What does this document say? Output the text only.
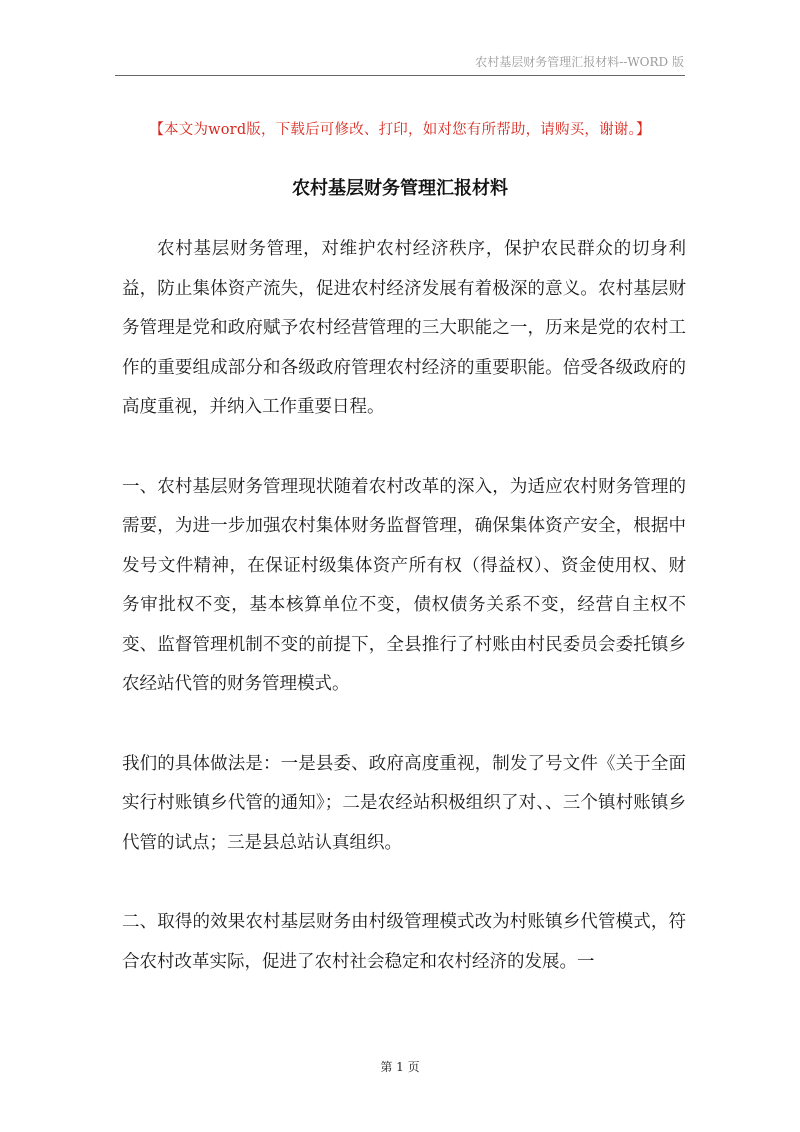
农村基层财务管理汇报材料--WORD 版
【本文为word版，下载后可修改、打印，如对您有所帮助，请购买，谢谢。】
农村基层财务管理汇报材料

农村基层财务管理，对维护农村经济秩序，保护农民群众的切身利益，防止集体资产流失，促进农村经济发展有着极深的意义。农村基层财务管理是党和政府赋予农村经营管理的三大职能之一，历来是党的农村工作的重要组成部分和各级政府管理农村经济的重要职能。倍受各级政府的高度重视，并纳入工作重要日程。

一、农村基层财务管理现状随着农村改革的深入，为适应农村财务管理的需要，为进一步加强农村集体财务监督管理，确保集体资产安全，根据中发号文件精神，在保证村级集体资产所有权（得益权）、资金使用权、财务审批权不变，基本核算单位不变，债权债务关系不变，经营自主权不变、监督管理机制不变的前提下，全县推行了村账由村民委员会委托镇乡农经站代管的财务管理模式。

我们的具体做法是：一是县委、政府高度重视，制发了号文件《关于全面实行村账镇乡代管的通知》；二是农经站积极组织了对、、三个镇村账镇乡代管的试点；三是县总站认真组织。

二、取得的效果农村基层财务由村级管理模式改为村账镇乡代管模式，符合农村改革实际，促进了农村社会稳定和农村经济的发展。一

第 1 页
